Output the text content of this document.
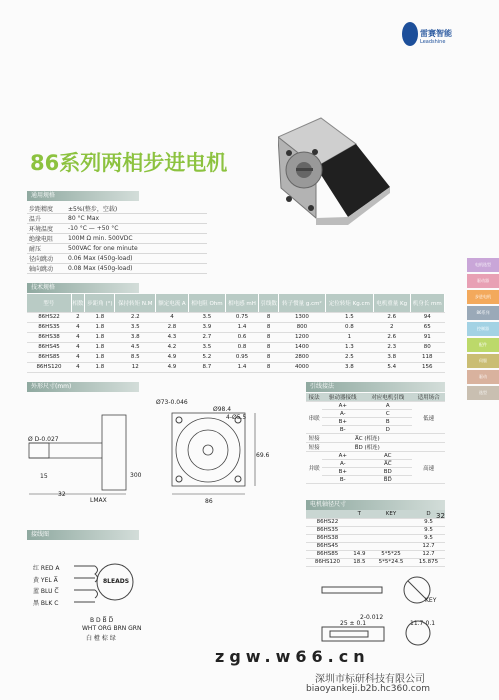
雷赛智能
Leadshine
86系列两相步进电机
通用规格
步距精度	±5%(整步，空载)
温升	80 °C Max
环境温度	-10 °C — +50 °C
绝缘电阻	100M Ω min. 500VDC
耐压	500VAC for one minute
径向跳动	0.06 Max (450g-load)
轴向跳动	0.08 Max (450g-load)
技术规格
型号	相数	步距角 (°)	保持转矩 N.M	额定电流 A	相电阻 Ohm	相电感 mH	引线数	转子惯量 g.cm²	定位转矩 Kg.cm	电机重量 Kg	机身长 mm
86HS22	2	1.8	2.2	4	3.5	0.75	8	1300	1.5	2.6	94
86HS35	4	1.8	3.5	2.8	3.9	1.4	8	800	0.8	2	65
86HS38	4	1.8	3.8	4.3	2.7	0.6	8	1200	1	2.6	91
86HS45	4	1.8	4.5	4.2	3.5	0.8	8	1400	1.3	2.3	80
86HS85	4	1.8	8.5	4.9	5.2	0.95	8	2800	2.5	3.8	118
86HS120	4	1.8	12	4.9	8.7	1.4	8	4000	3.8	5.4	156
电机选型
驱动器
步进电机
86系列
控制器
配件
伺服
驱动
选型
外形尺寸(mm)
Ø73-0.046
Ø98.4
4-Ø5.5
Ø D-0.027
LMAX
32
86
69.6
15	300
引线接法
接法	驱动器接线	对应电机引线	适用场合
串联	A+	A	低速
	A-	C	
	B+	B	
	B-	D	
短接	A̅C (相连)		
短接	B̅D (相连)		
并联	A+	AC	高速
	A-	A̅C̅	
	B+	BD	
	B-	B̅D̅	
电机轴径尺寸
	T	KEY	D
86HS22			9.5
86HS35			9.5
86HS38			9.5
86HS45			12.7
86HS85	14.9	5*5*25	12.7
86HS120	18.5	5*5*24.5	15.875
KEY
25 ± 0.1
2-0.012
11.7-0.1
接线图
红 RED A
黄 YEL A̅
蓝 BLU C̅
黑 BLK C
8LEADS
B D B̅ D̅
WHT ORG BRN GRN
白 橙 棕 绿
32
zgw.w66.cn
深圳市标研科技有限公司
biaoyankeji.b2b.hc360.com
